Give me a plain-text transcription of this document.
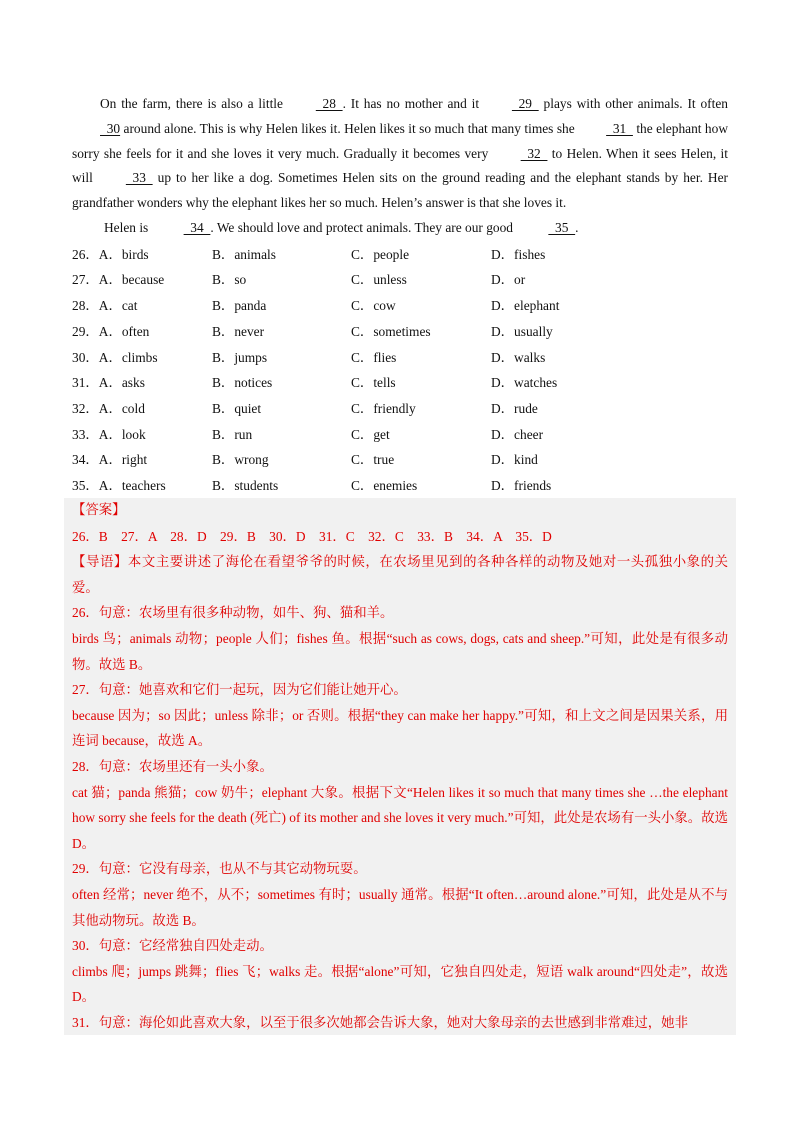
On the farm, there is also a little   28  . It has no mother and it   29   plays with other animals. It often   30 around alone. This is why Helen likes it. Helen likes it so much that many times she   31   the elephant how sorry she feels for it and she loves it very much. Gradually it becomes very   32   to Helen. When it sees Helen, it will   33   up to her like a dog. Sometimes Helen sits on the ground reading and the elephant stands by her. Her grandfather wonders why the elephant likes her so much. Helen’s answer is that she loves it.

Helen is   34  . We should love and protect animals. They are our good   35  .

26．A．birds	B．animals	C．people	D．fishes
27．A．because	B．so	C．unless	D．or
28．A．cat	B．panda	C．cow	D．elephant
29．A．often	B．never	C．sometimes	D．usually
30．A．climbs	B．jumps	C．flies	D．walks
31．A．asks	B．notices	C．tells	D．watches
32．A．cold	B．quiet	C．friendly	D．rude
33．A．look	B．run	C．get	D．cheer
34．A．right	B．wrong	C．true	D．kind
35．A．teachers	B．students	C．enemies	D．friends

【答案】

26．B　27．A　28．D　29．B　30．D　31．C　32．C　33．B　34．A　35．D

【导语】本文主要讲述了海伦在看望爷爷的时候，在农场里见到的各种各样的动物及她对一头孤独小象的关爱。

26．句意：农场里有很多种动物，如牛、狗、猫和羊。

birds 鸟；animals 动物；people 人们；fishes 鱼。根据“such as cows, dogs, cats and sheep.”可知，此处是有很多动物。故选 B。

27．句意：她喜欢和它们一起玩，因为它们能让她开心。

because 因为；so 因此；unless 除非；or 否则。根据“they can make her happy.”可知，和上文之间是因果关系，用连词 because，故选 A。

28．句意：农场里还有一头小象。

cat 猫；panda 熊猫；cow 奶牛；elephant 大象。根据下文“Helen likes it so much that many times she …the elephant how sorry she feels for the death (死亡) of its mother and she loves it very much.”可知，此处是农场有一头小象。故选 D。

29．句意：它没有母亲，也从不与其它动物玩耍。

often 经常；never 绝不，从不；sometimes 有时；usually 通常。根据“It often…around alone.”可知，此处是从不与其他动物玩。故选 B。

30．句意：它经常独自四处走动。

climbs 爬；jumps 跳舞；flies 飞；walks 走。根据“alone”可知，它独自四处走，短语 walk around“四处走”，故选 D。

31．句意：海伦如此喜欢大象，以至于很多次她都会告诉大象，她对大象母亲的去世感到非常难过，她非
